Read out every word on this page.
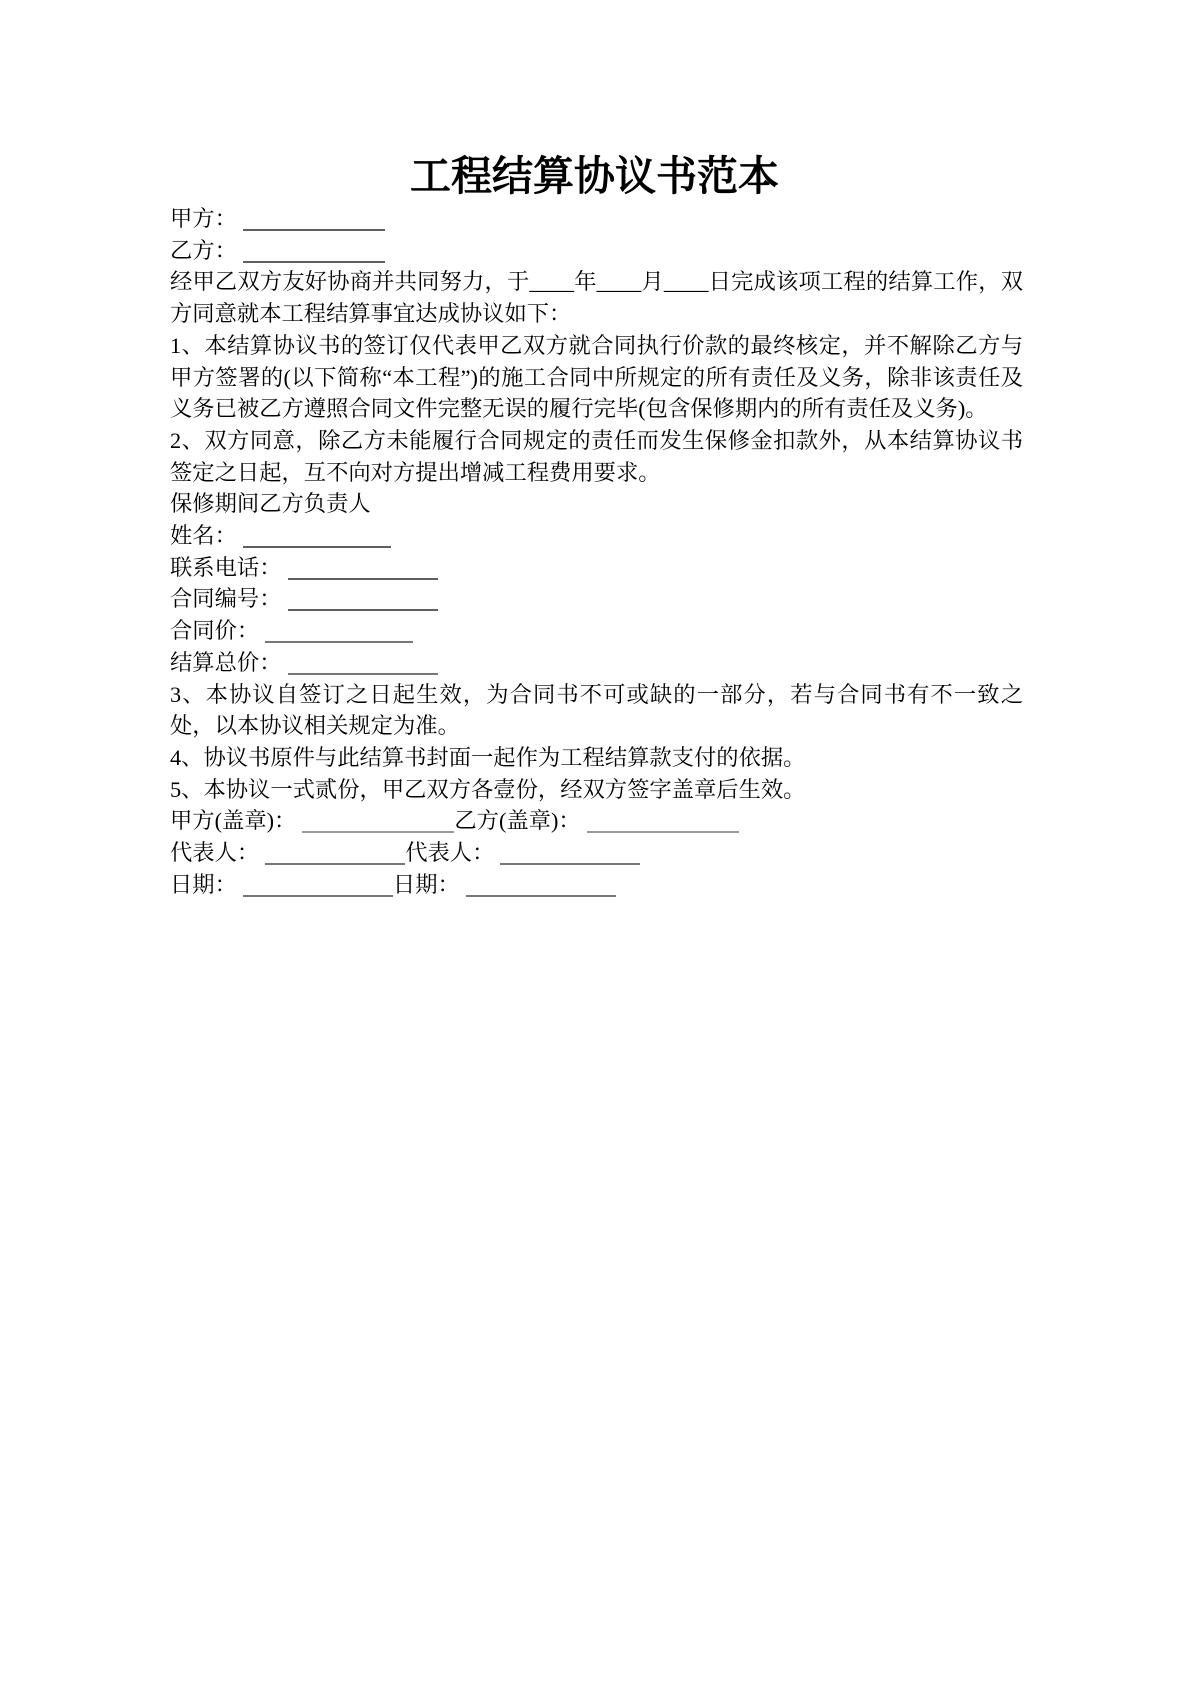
工程结算协议书范本

甲方：

乙方：

经甲乙双方友好协商并共同努力，于____年____月____日完成该项工程的结算工作，双方同意就本工程结算事宜达成协议如下：

1、本结算协议书的签订仅代表甲乙双方就合同执行价款的最终核定，并不解除乙方与甲方签署的(以下简称“本工程”)的施工合同中所规定的所有责任及义务，除非该责任及义务已被乙方遵照合同文件完整无误的履行完毕(包含保修期内的所有责任及义务)。

2、双方同意，除乙方未能履行合同规定的责任而发生保修金扣款外，从本结算协议书签定之日起，互不向对方提出增减工程费用要求。

保修期间乙方负责人

姓名：

联系电话：

合同编号：

合同价：

结算总价：

3、本协议自签订之日起生效，为合同书不可或缺的一部分，若与合同书有不一致之处，以本协议相关规定为准。

4、协议书原件与此结算书封面一起作为工程结算款支付的依据。

5、本协议一式贰份，甲乙双方各壹份，经双方签字盖章后生效。

甲方(盖章)：	乙方(盖章)：

代表人：	代表人：

日期：	日期：
